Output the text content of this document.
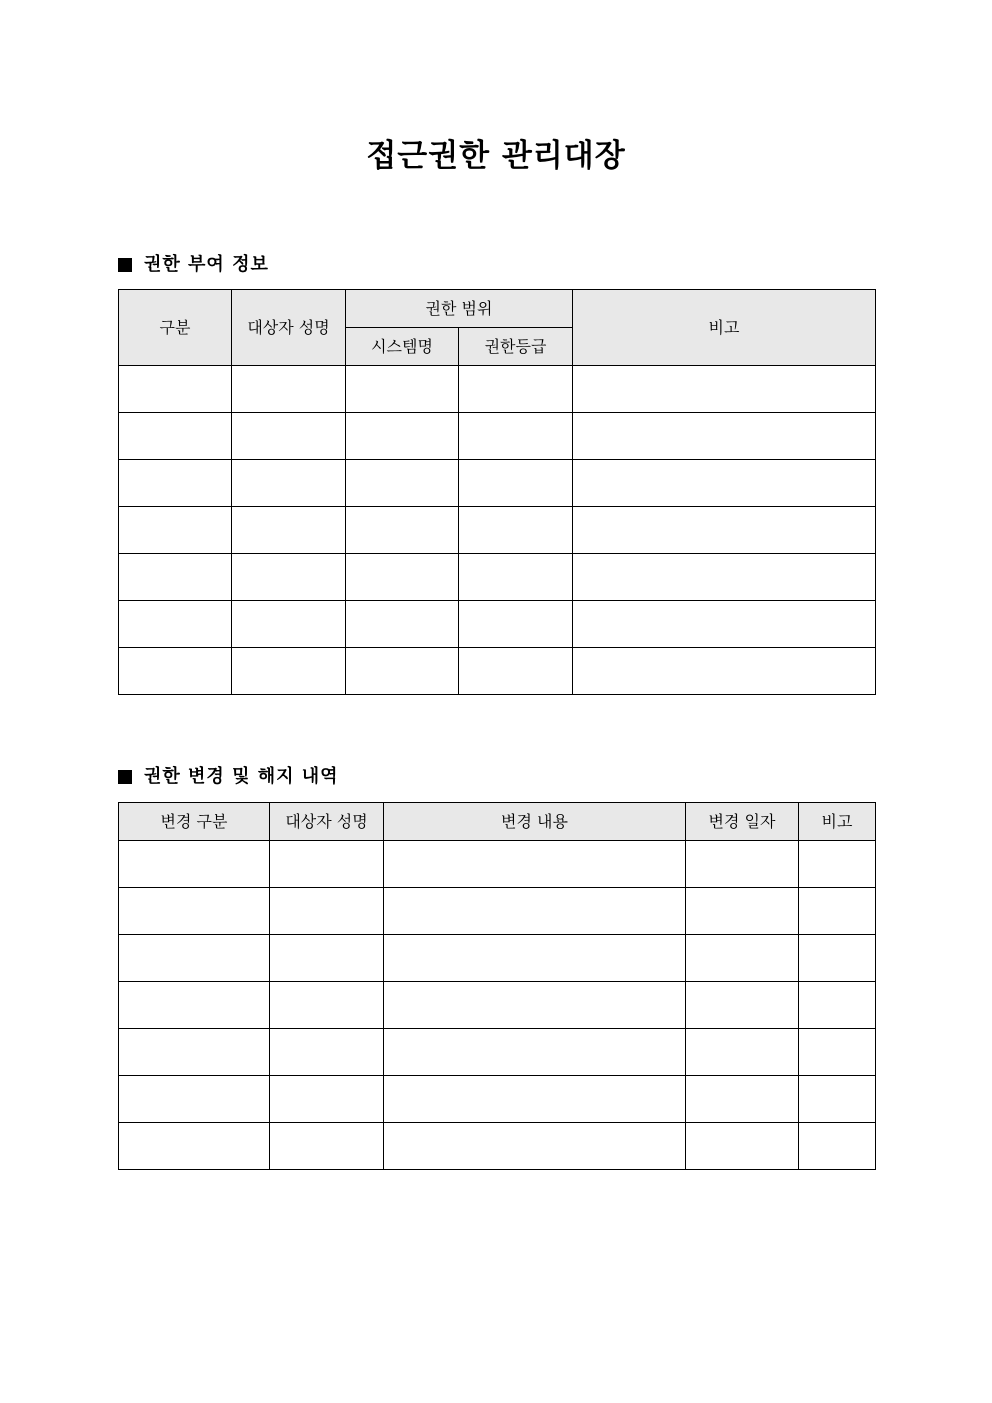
접근권한 관리대장
권한 부여 정보
구분	대상자 성명	권한 범위		비고
		시스템명	권한등급	

권한 변경 및 해지 내역
변경 구분	대상자 성명	변경 내용	변경 일자	비고
